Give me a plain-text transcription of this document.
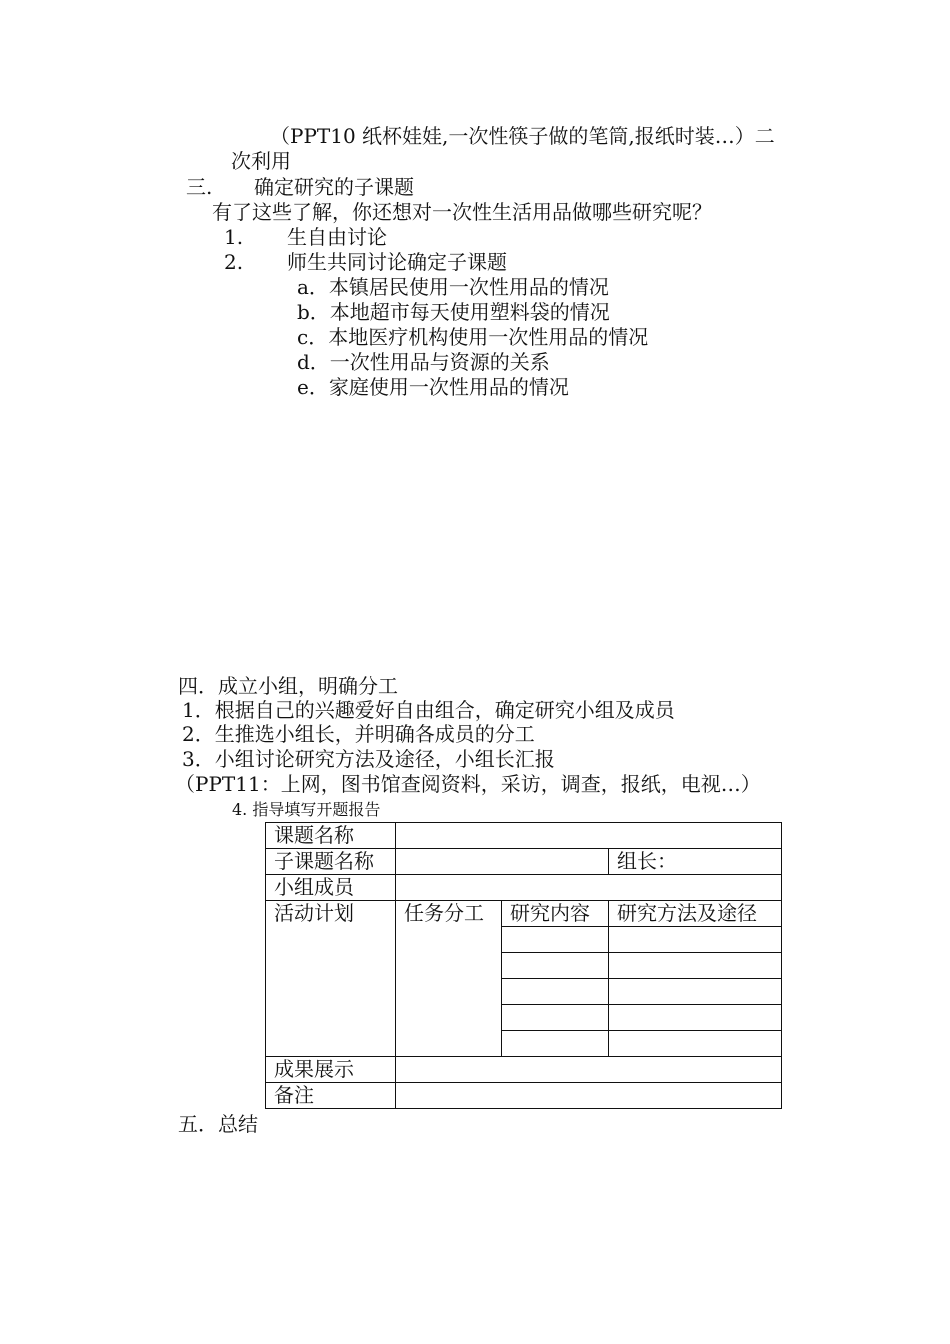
（PPT10 纸杯娃娃,一次性筷子做的笔筒,报纸时装…）二
次利用
三. 确定研究的子课题
有了这些了解，你还想对一次性生活用品做哪些研究呢？
1. 生自由讨论
2. 师生共同讨论确定子课题
a．本镇居民使用一次性用品的情况
b．本地超市每天使用塑料袋的情况
c．本地医疗机构使用一次性用品的情况
d．一次性用品与资源的关系
e．家庭使用一次性用品的情况
四．成立小组，明确分工
1．根据自己的兴趣爱好自由组合，确定研究小组及成员
2．生推选小组长，并明确各成员的分工
3．小组讨论研究方法及途径，小组长汇报
（PPT11：上网，图书馆查阅资料，采访，调查，报纸，电视…）
4. 指导填写开题报告
课题名称			
子课题名称			组长：
小组成员			
活动计划	任务分工	研究内容	研究方法及途径

成果展示			
备注			
五．总结
